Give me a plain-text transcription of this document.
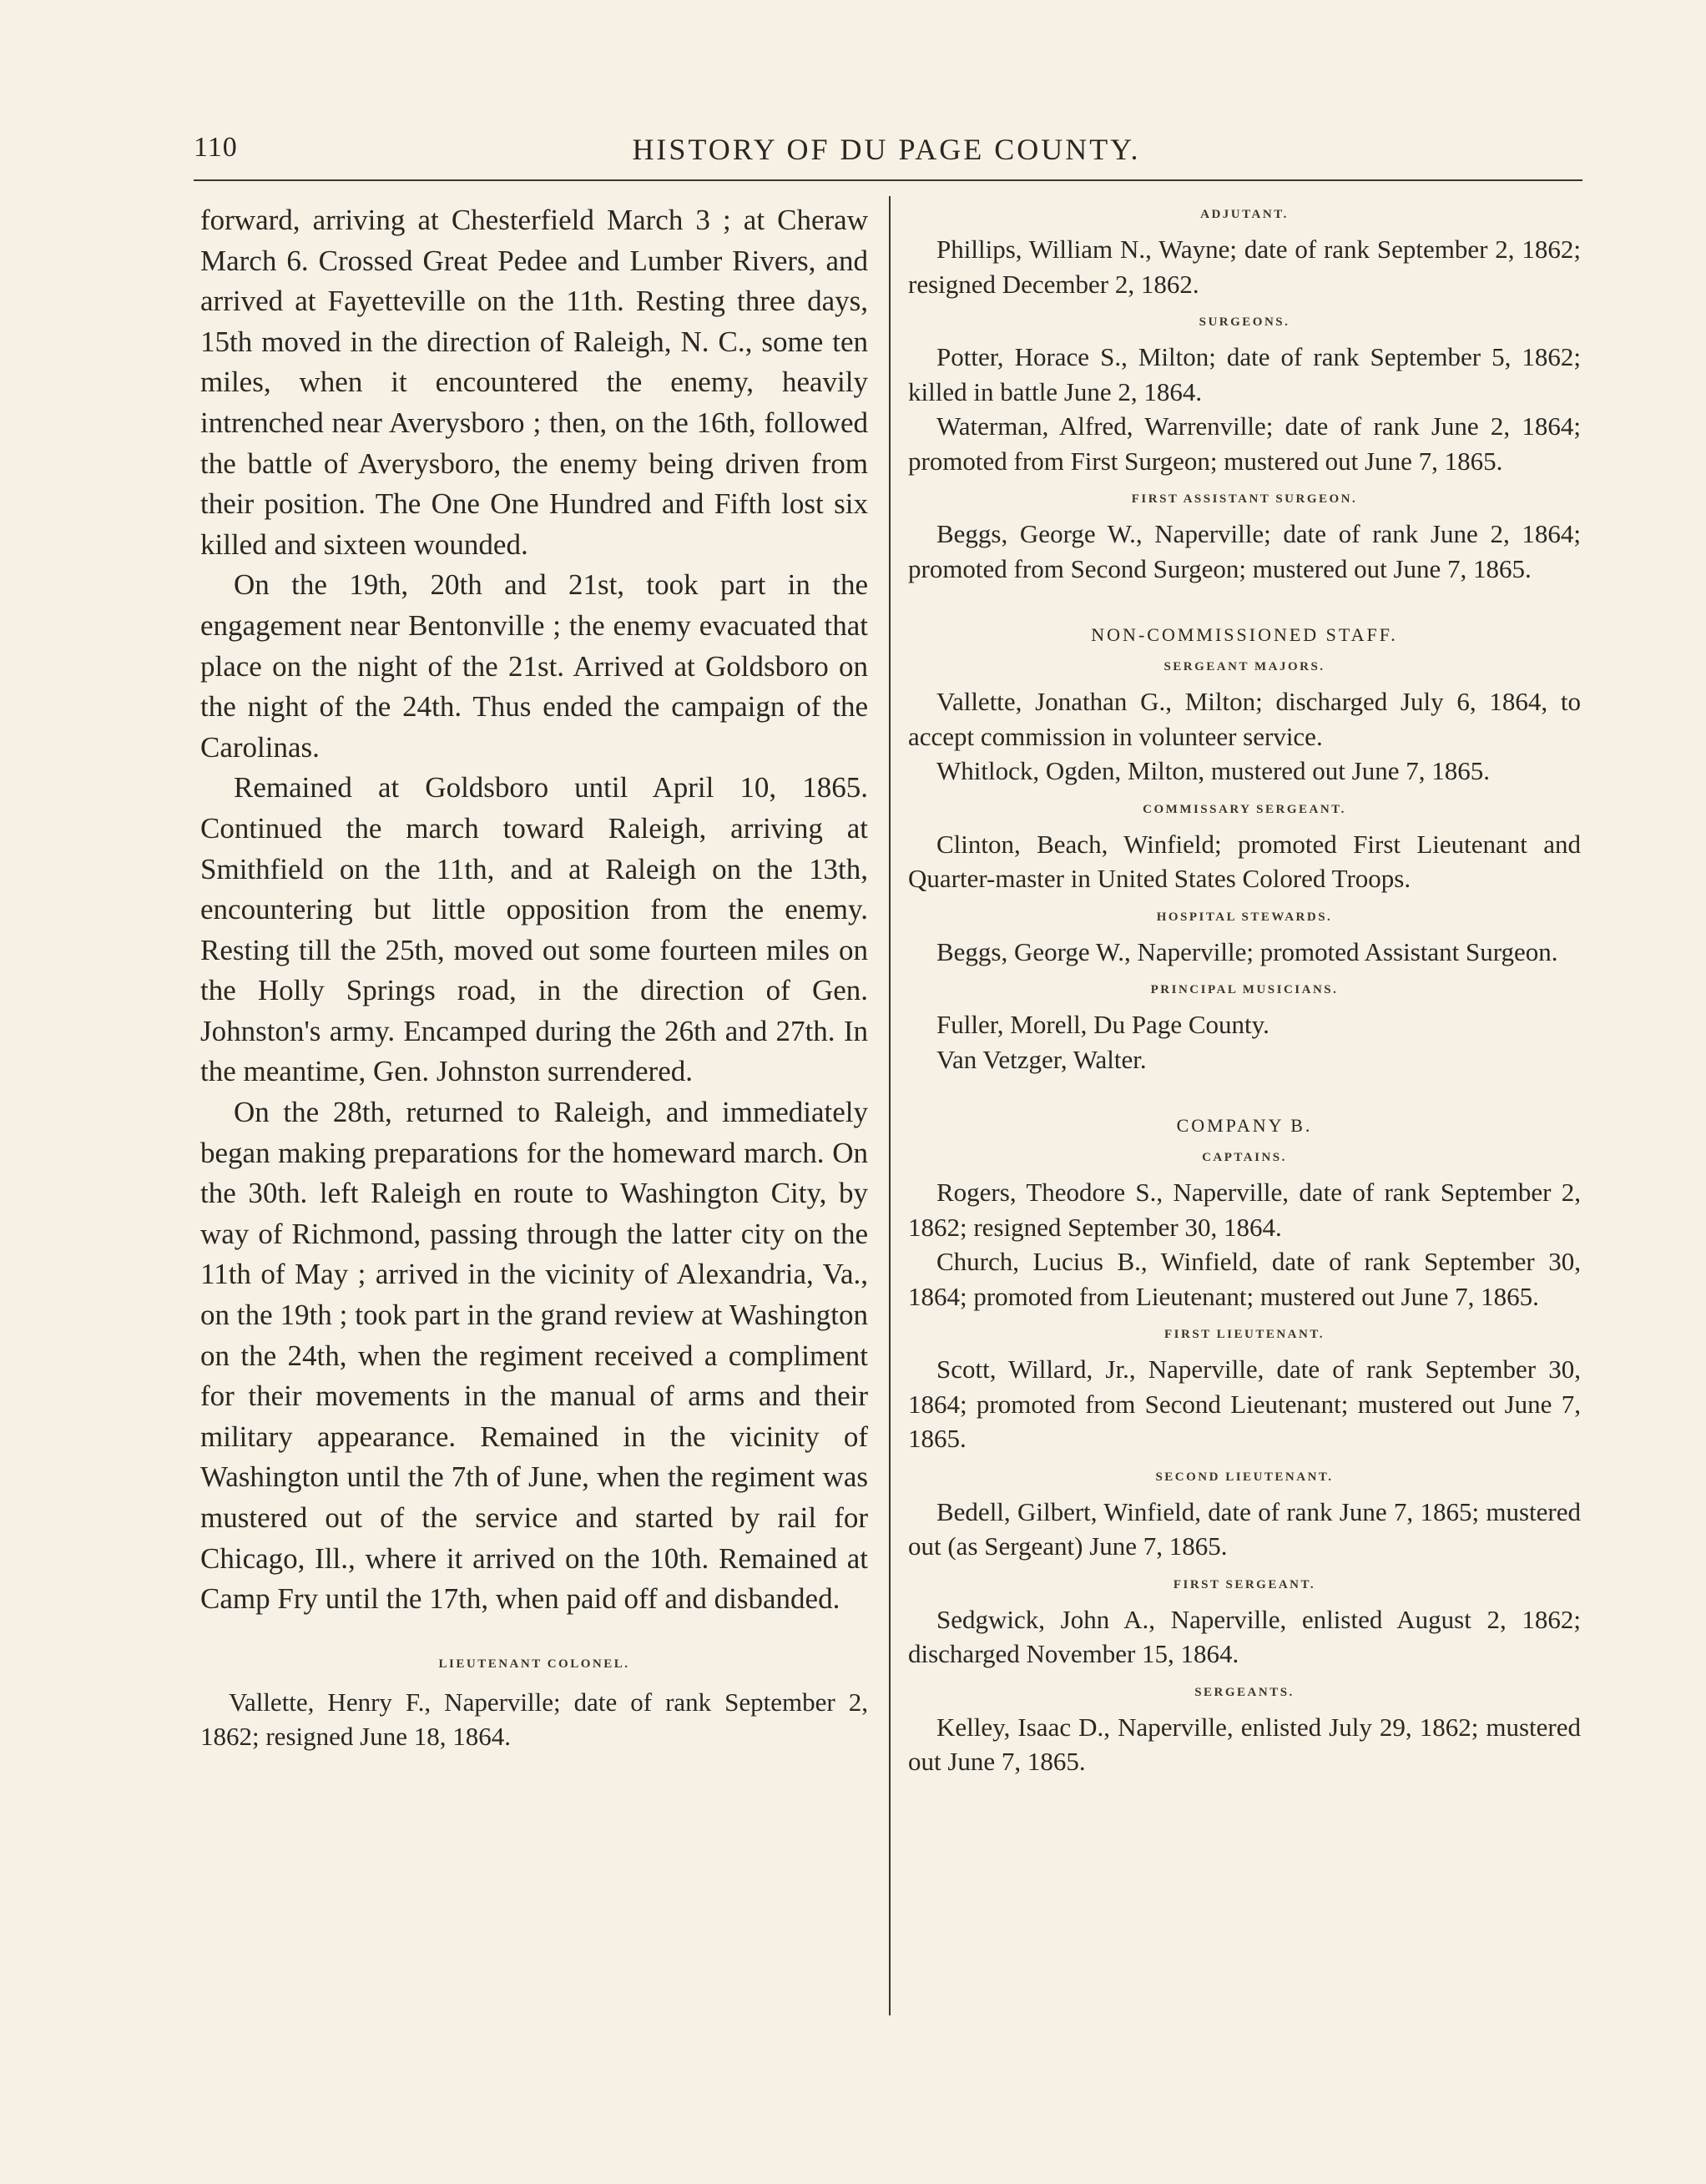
110	HISTORY OF DU PAGE COUNTY.

forward, arriving at Chesterfield March 3 ; at Cheraw March 6. Crossed Great Pedee and Lumber Rivers, and arrived at Fayetteville on the 11th. Resting three days, 15th moved in the direction of Raleigh, N. C., some ten miles, when it encountered the enemy, heavily intrenched near Averysboro ; then, on the 16th, followed the battle of Averysboro, the enemy being driven from their position. The One One Hundred and Fifth lost six killed and sixteen wounded.

On the 19th, 20th and 21st, took part in the engagement near Bentonville ; the enemy evacuated that place on the night of the 21st. Arrived at Goldsboro on the night of the 24th. Thus ended the campaign of the Carolinas.

Remained at Goldsboro until April 10, 1865. Continued the march toward Raleigh, arriving at Smithfield on the 11th, and at Raleigh on the 13th, encountering but little opposition from the enemy. Resting till the 25th, moved out some fourteen miles on the Holly Springs road, in the direction of Gen. Johnston's army. Encamped during the 26th and 27th. In the meantime, Gen. Johnston surrendered.

On the 28th, returned to Raleigh, and immediately began making preparations for the homeward march. On the 30th. left Raleigh en route to Washington City, by way of Richmond, passing through the latter city on the 11th of May ; arrived in the vicinity of Alexandria, Va., on the 19th ; took part in the grand review at Washington on the 24th, when the regiment received a compliment for their movements in the manual of arms and their military appearance. Remained in the vicinity of Washington until the 7th of June, when the regiment was mustered out of the service and started by rail for Chicago, Ill., where it arrived on the 10th. Remained at Camp Fry until the 17th, when paid off and disbanded.

LIEUTENANT COLONEL.

Vallette, Henry F., Naperville; date of rank September 2, 1862; resigned June 18, 1864.

ADJUTANT.

Phillips, William N., Wayne; date of rank September 2, 1862; resigned December 2, 1862.

SURGEONS.

Potter, Horace S., Milton; date of rank September 5, 1862; killed in battle June 2, 1864.

Waterman, Alfred, Warrenville; date of rank June 2, 1864; promoted from First Surgeon; mustered out June 7, 1865.

FIRST ASSISTANT SURGEON.

Beggs, George W., Naperville; date of rank June 2, 1864; promoted from Second Surgeon; mustered out June 7, 1865.

NON-COMMISSIONED STAFF.
SERGEANT MAJORS.

Vallette, Jonathan G., Milton; discharged July 6, 1864, to accept commission in volunteer service.

Whitlock, Ogden, Milton, mustered out June 7, 1865.

COMMISSARY SERGEANT.

Clinton, Beach, Winfield; promoted First Lieutenant and Quarter-master in United States Colored Troops.

HOSPITAL STEWARDS.

Beggs, George W., Naperville; promoted Assistant Surgeon.

PRINCIPAL MUSICIANS.

Fuller, Morell, Du Page County.

Van Vetzger, Walter.

COMPANY B.
CAPTAINS.

Rogers, Theodore S., Naperville, date of rank September 2, 1862; resigned September 30, 1864.

Church, Lucius B., Winfield, date of rank September 30, 1864; promoted from Lieutenant; mustered out June 7, 1865.

FIRST LIEUTENANT.

Scott, Willard, Jr., Naperville, date of rank September 30, 1864; promoted from Second Lieutenant; mustered out June 7, 1865.

SECOND LIEUTENANT.

Bedell, Gilbert, Winfield, date of rank June 7, 1865; mustered out (as Sergeant) June 7, 1865.

FIRST SERGEANT.

Sedgwick, John A., Naperville, enlisted August 2, 1862; discharged November 15, 1864.

SERGEANTS.

Kelley, Isaac D., Naperville, enlisted July 29, 1862; mustered out June 7, 1865.
